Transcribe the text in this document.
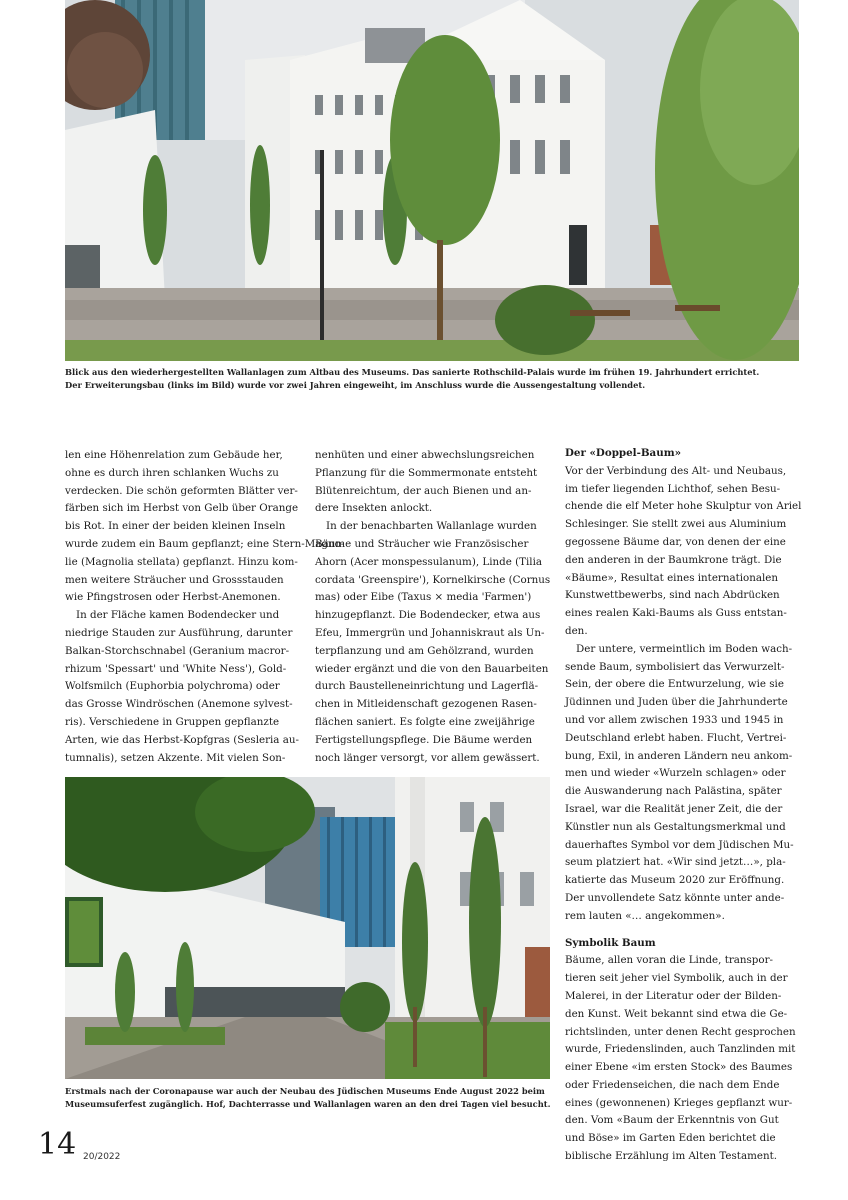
Blick aus den wiederhergestellten Wallanlagen zum Altbau des Museums. Das sanierte Rothschild-Palais wurde im frühen 19. Jahrhundert errichtet.
Der Erweiterungsbau (links im Bild) wurde vor zwei Jahren eingeweiht, im Anschluss wurde die Aussengestaltung vollendet.
len eine Höhenrelation zum Gebäude her,
ohne es durch ihren schlanken Wuchs zu
verdecken. Die schön geformten Blätter ver-
färben sich im Herbst von Gelb über Orange
bis Rot. In einer der beiden kleinen Inseln
wurde zudem ein Baum gepflanzt; eine Stern-Magno-
lie (Magnolia stellata) gepflanzt. Hinzu kom-
men weitere Sträucher und Grossstauden
wie Pfingstrosen oder Herbst-Anemonen.
In der Fläche kamen Bodendecker und
niedrige Stauden zur Ausführung, darunter
Balkan-Storchschnabel (Geranium macror-
rhizum 'Spessart' und 'White Ness'), Gold-
Wolfsmilch (Euphorbia polychroma) oder
das Grosse Windröschen (Anemone sylvest-
ris). Verschiedene in Gruppen gepflanzte
Arten, wie das Herbst-Kopfgras (Sesleria au-
tumnalis), setzen Akzente. Mit vielen Son-
nenhüten und einer abwechslungsreichen
Pflanzung für die Sommermonate entsteht
Blütenreichtum, der auch Bienen und an-
dere Insekten anlockt.
In der benachbarten Wallanlage wurden
Bäume und Sträucher wie Französischer
Ahorn (Acer monspessulanum), Linde (Tilia
cordata 'Greenspire'), Kornelkirsche (Cornus
mas) oder Eibe (Taxus × media 'Farmen')
hinzugepflanzt. Die Bodendecker, etwa aus
Efeu, Immergrün und Johanniskraut als Un-
terpflanzung und am Gehölzrand, wurden
wieder ergänzt und die von den Bauarbeiten
durch Baustelleneinrichtung und Lagerflä-
chen in Mitleidenschaft gezogenen Rasen-
flächen saniert. Es folgte eine zweijährige
Fertigstellungspflege. Die Bäume werden
noch länger versorgt, vor allem gewässert.
Der «Doppel-Baum»
Vor der Verbindung des Alt- und Neubaus,
im tiefer liegenden Lichthof, sehen Besu-
chende die elf Meter hohe Skulptur von Ariel
Schlesinger. Sie stellt zwei aus Aluminium
gegossene Bäume dar, von denen der eine
den anderen in der Baumkrone trägt. Die
«Bäume», Resultat eines internationalen
Kunstwettbewerbs, sind nach Abdrücken
eines realen Kaki-Baums als Guss entstan-
den.
Der untere, vermeintlich im Boden wach-
sende Baum, symbolisiert das Verwurzelt-
Sein, der obere die Entwurzelung, wie sie
Jüdinnen und Juden über die Jahrhunderte
und vor allem zwischen 1933 und 1945 in
Deutschland erlebt haben. Flucht, Vertrei-
bung, Exil, in anderen Ländern neu ankom-
men und wieder «Wurzeln schlagen» oder
die Auswanderung nach Palästina, später
Israel, war die Realität jener Zeit, die der
Künstler nun als Gestaltungsmerkmal und
dauerhaftes Symbol vor dem Jüdischen Mu-
seum platziert hat. «Wir sind jetzt…», pla-
katierte das Museum 2020 zur Eröffnung.
Der unvollendete Satz könnte unter ande-
rem lauten «… angekommen».
Symbolik Baum
Bäume, allen voran die Linde, transpor-
tieren seit jeher viel Symbolik, auch in der
Malerei, in der Literatur oder der Bilden-
den Kunst. Weit bekannt sind etwa die Ge-
richtslinden, unter denen Recht gesprochen
wurde, Friedenslinden, auch Tanzlinden mit
einer Ebene «im ersten Stock» des Baumes
oder Friedenseichen, die nach dem Ende
eines (gewonnenen) Krieges gepflanzt wur-
den. Vom «Baum der Erkenntnis von Gut
und Böse» im Garten Eden berichtet die
biblische Erzählung im Alten Testament.
Erstmals nach der Coronapause war auch der Neubau des Jüdischen Museums Ende August 2022 beim
Museumsuferfest zugänglich. Hof, Dachterrasse und Wallanlagen waren an den drei Tagen viel besucht.
14 20/2022
